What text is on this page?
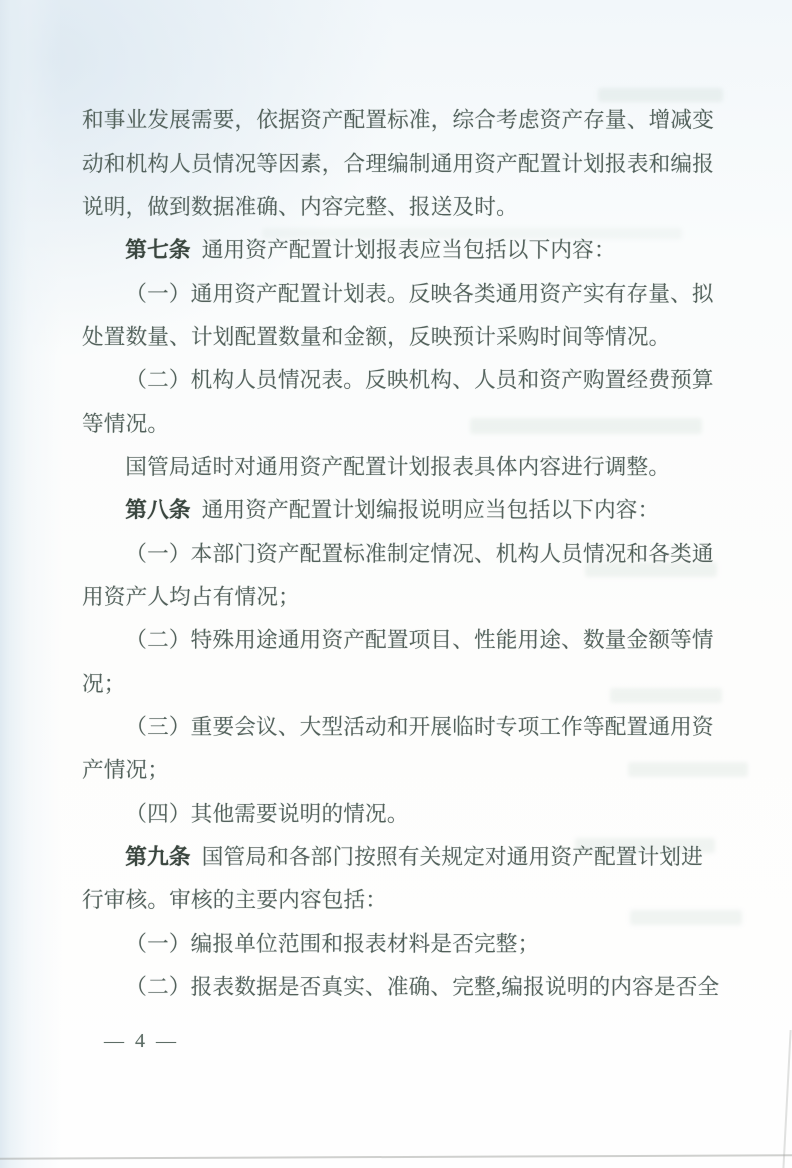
和事业发展需要，依据资产配置标准，综合考虑资产存量、增减变
动和机构人员情况等因素，合理编制通用资产配置计划报表和编报
说明，做到数据准确、内容完整、报送及时。
第七条 通用资产配置计划报表应当包括以下内容：
（一）通用资产配置计划表。反映各类通用资产实有存量、拟
处置数量、计划配置数量和金额，反映预计采购时间等情况。
（二）机构人员情况表。反映机构、人员和资产购置经费预算
等情况。
国管局适时对通用资产配置计划报表具体内容进行调整。
第八条 通用资产配置计划编报说明应当包括以下内容：
（一）本部门资产配置标准制定情况、机构人员情况和各类通
用资产人均占有情况；
（二）特殊用途通用资产配置项目、性能用途、数量金额等情
况；
（三）重要会议、大型活动和开展临时专项工作等配置通用资
产情况；
（四）其他需要说明的情况。
第九条 国管局和各部门按照有关规定对通用资产配置计划进
行审核。审核的主要内容包括：
（一）编报单位范围和报表材料是否完整；
（二）报表数据是否真实、准确、完整,编报说明的内容是否全
— 4 —
